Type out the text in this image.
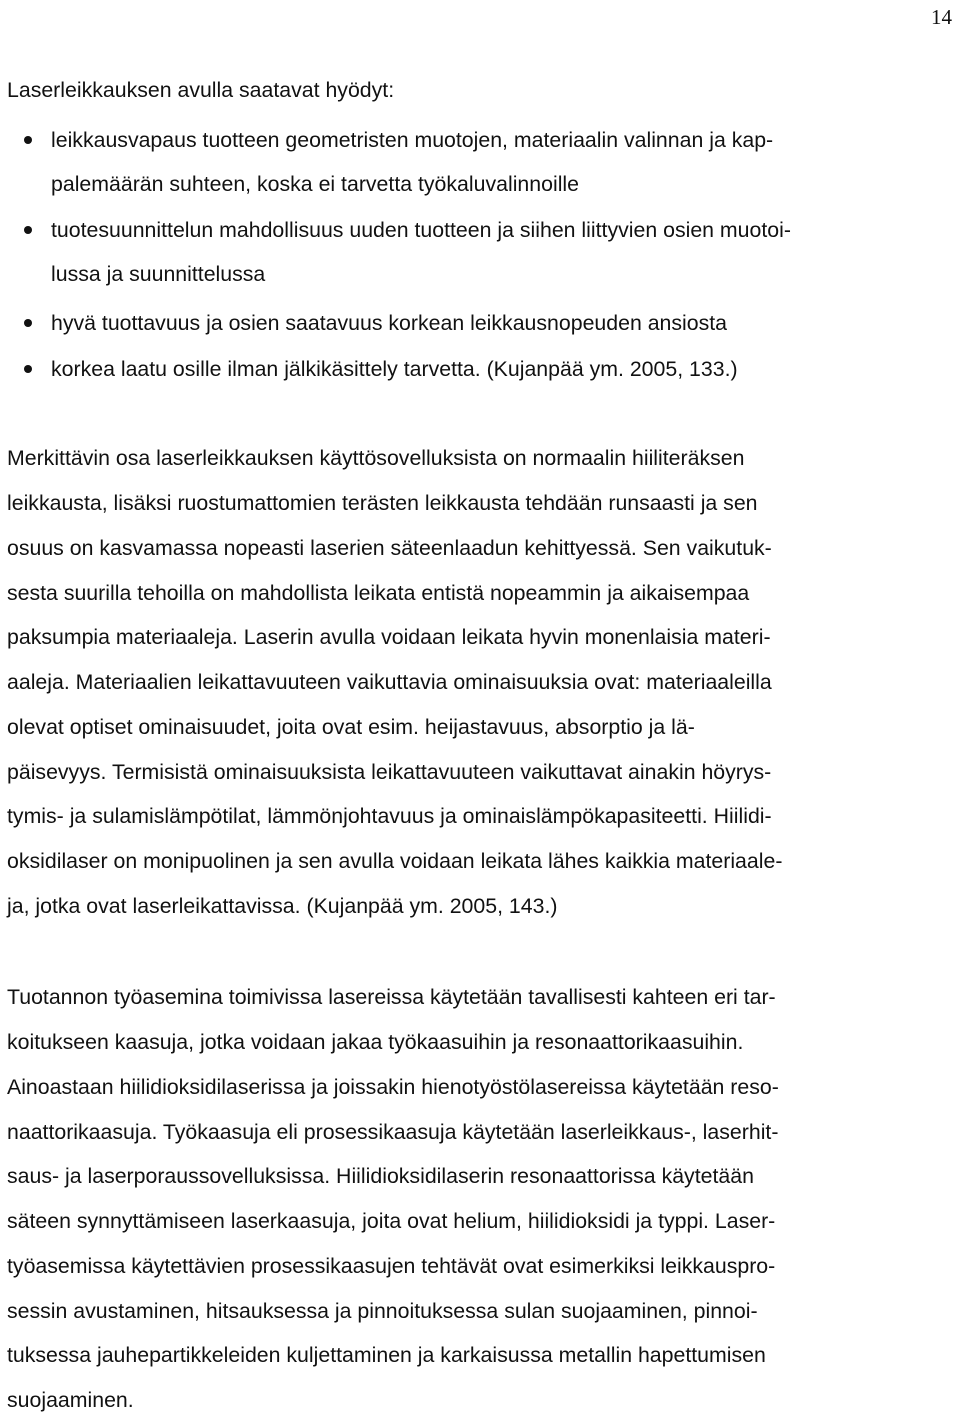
14
Laserleikkauksen avulla saatavat hyödyt:
leikkausvapaus tuotteen geometristen muotojen, materiaalin valinnan ja kap-
palemäärän suhteen, koska ei tarvetta työkaluvalinnoille
tuotesuunnittelun mahdollisuus uuden tuotteen ja siihen liittyvien osien muotoi-
lussa ja suunnittelussa
hyvä tuottavuus ja osien saatavuus korkean leikkausnopeuden ansiosta
korkea laatu osille ilman jälkikäsittely tarvetta. (Kujanpää ym. 2005, 133.)
Merkittävin osa laserleikkauksen käyttösovelluksista on normaalin hiiliteräksen
leikkausta, lisäksi ruostumattomien terästen leikkausta tehdään runsaasti ja sen
osuus on kasvamassa nopeasti laserien säteenlaadun kehittyessä. Sen vaikutuk-
sesta suurilla tehoilla on mahdollista leikata entistä nopeammin ja aikaisempaa
paksumpia materiaaleja. Laserin avulla voidaan leikata hyvin monenlaisia materi-
aaleja. Materiaalien leikattavuuteen vaikuttavia ominaisuuksia ovat: materiaaleilla
olevat optiset ominaisuudet, joita ovat esim. heijastavuus, absorptio ja lä-
päisevyys. Termisistä ominaisuuksista leikattavuuteen vaikuttavat ainakin höyrys-
tymis- ja sulamislämpötilat, lämmönjohtavuus ja ominaislämpökapasiteetti. Hiilidi-
oksidilaser on monipuolinen ja sen avulla voidaan leikata lähes kaikkia materiaale-
ja, jotka ovat laserleikattavissa. (Kujanpää ym. 2005, 143.)
Tuotannon työasemina toimivissa lasereissa käytetään tavallisesti kahteen eri tar-
koitukseen kaasuja, jotka voidaan jakaa työkaasuihin ja resonaattorikaasuihin.
Ainoastaan hiilidioksidilaserissa ja joissakin hienotyöstölasereissa käytetään reso-
naattorikaasuja. Työkaasuja eli prosessikaasuja käytetään laserleikkaus-, laserhit-
saus- ja laserporaussovelluksissa. Hiilidioksidilaserin resonaattorissa käytetään
säteen synnyttämiseen laserkaasuja, joita ovat helium, hiilidioksidi ja typpi. Laser-
työasemissa käytettävien prosessikaasujen tehtävät ovat esimerkiksi leikkauspro-
sessin avustaminen, hitsauksessa ja pinnoituksessa sulan suojaaminen, pinnoi-
tuksessa jauhepartikkeleiden kuljettaminen ja karkaisussa metallin hapettumisen
suojaaminen.
